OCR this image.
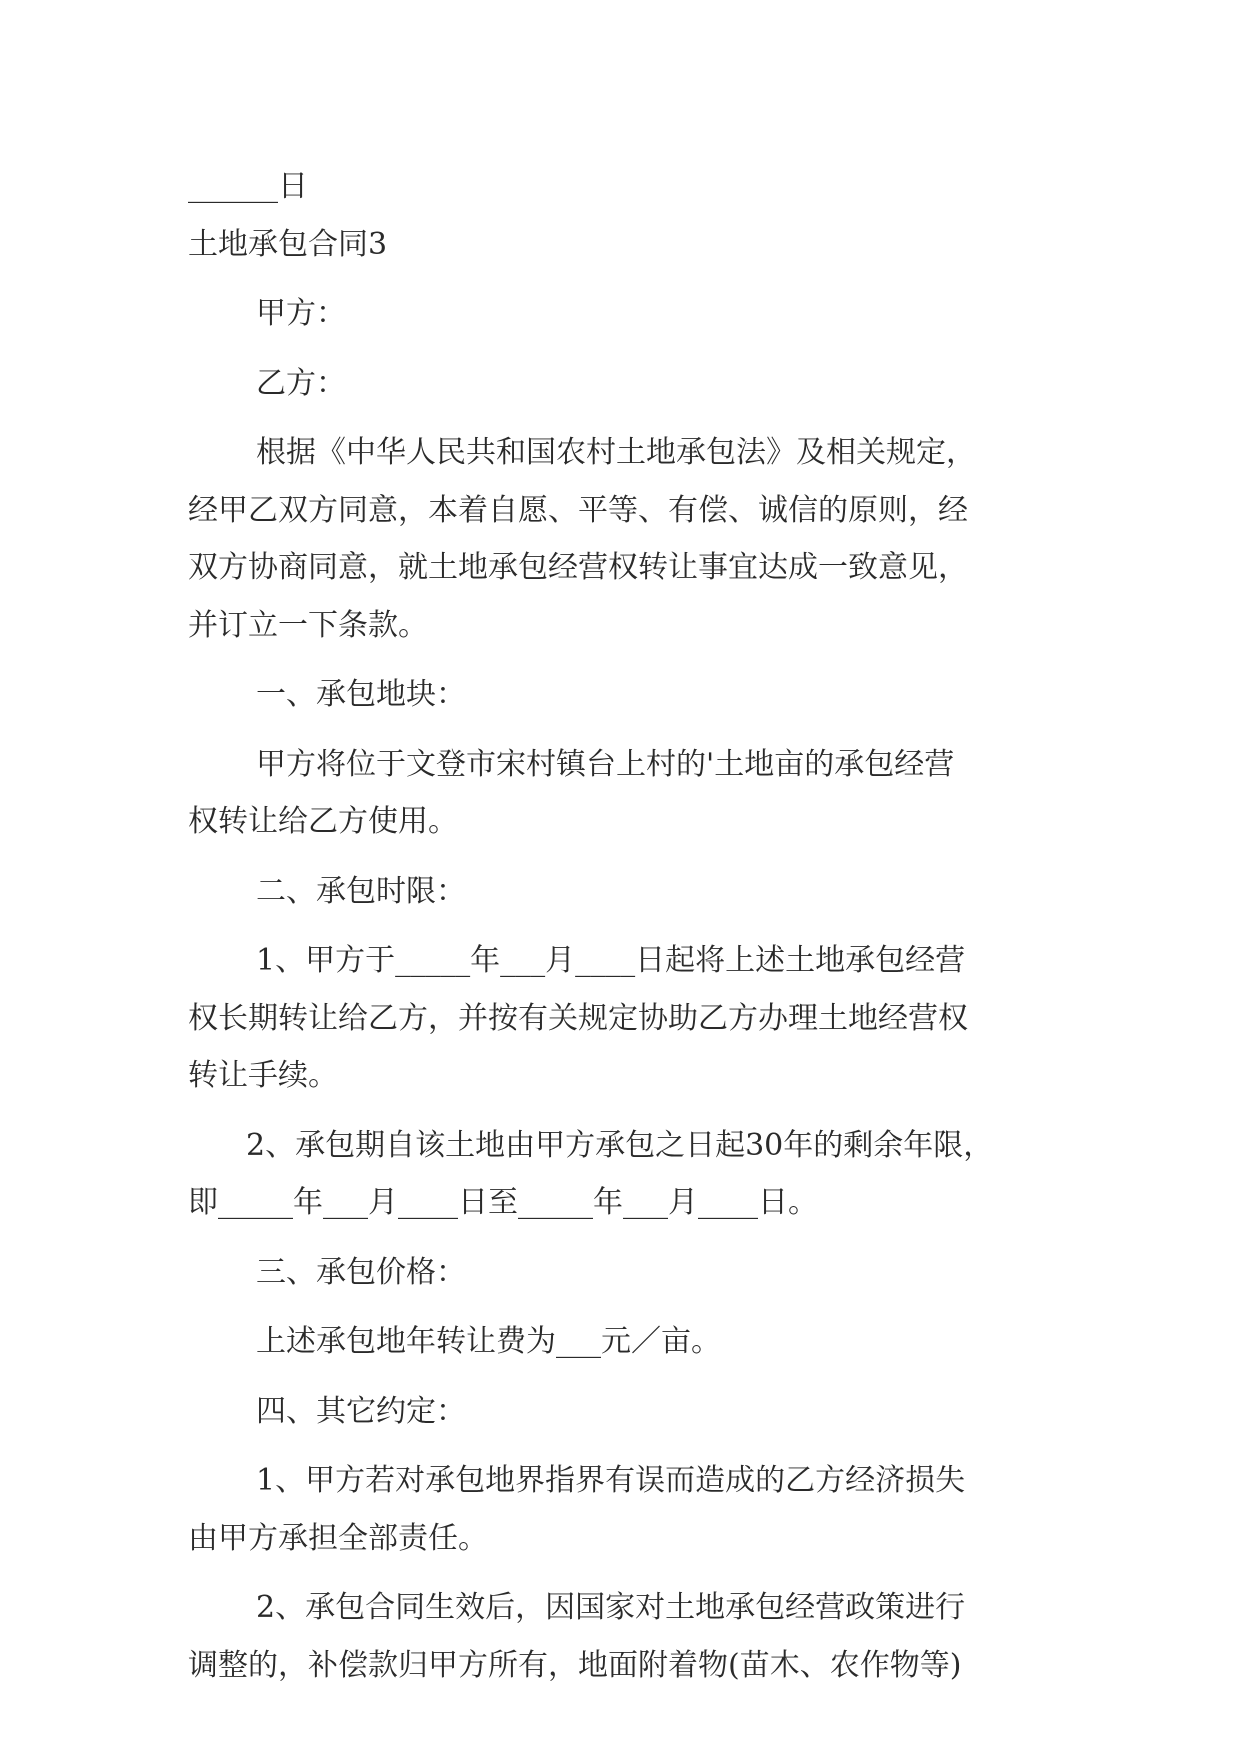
______日
土地承包合同3
甲方：
乙方：
根据《中华人民共和国农村土地承包法》及相关规定，
经甲乙双方同意，本着自愿、平等、有偿、诚信的原则，经
双方协商同意，就土地承包经营权转让事宜达成一致意见，
并订立一下条款。
一、承包地块：
甲方将位于文登市宋村镇台上村的'土地亩的承包经营
权转让给乙方使用。
二、承包时限：
1、甲方于_____年___月____日起将上述土地承包经营
权长期转让给乙方，并按有关规定协助乙方办理土地经营权
转让手续。
2、承包期自该土地由甲方承包之日起30年的剩余年限，
即_____年___月____日至_____年___月____日。
三、承包价格：
上述承包地年转让费为___元／亩。
四、其它约定：
1、甲方若对承包地界指界有误而造成的乙方经济损失
由甲方承担全部责任。
2、承包合同生效后，因国家对土地承包经营政策进行
调整的，补偿款归甲方所有，地面附着物(苗木、农作物等)
